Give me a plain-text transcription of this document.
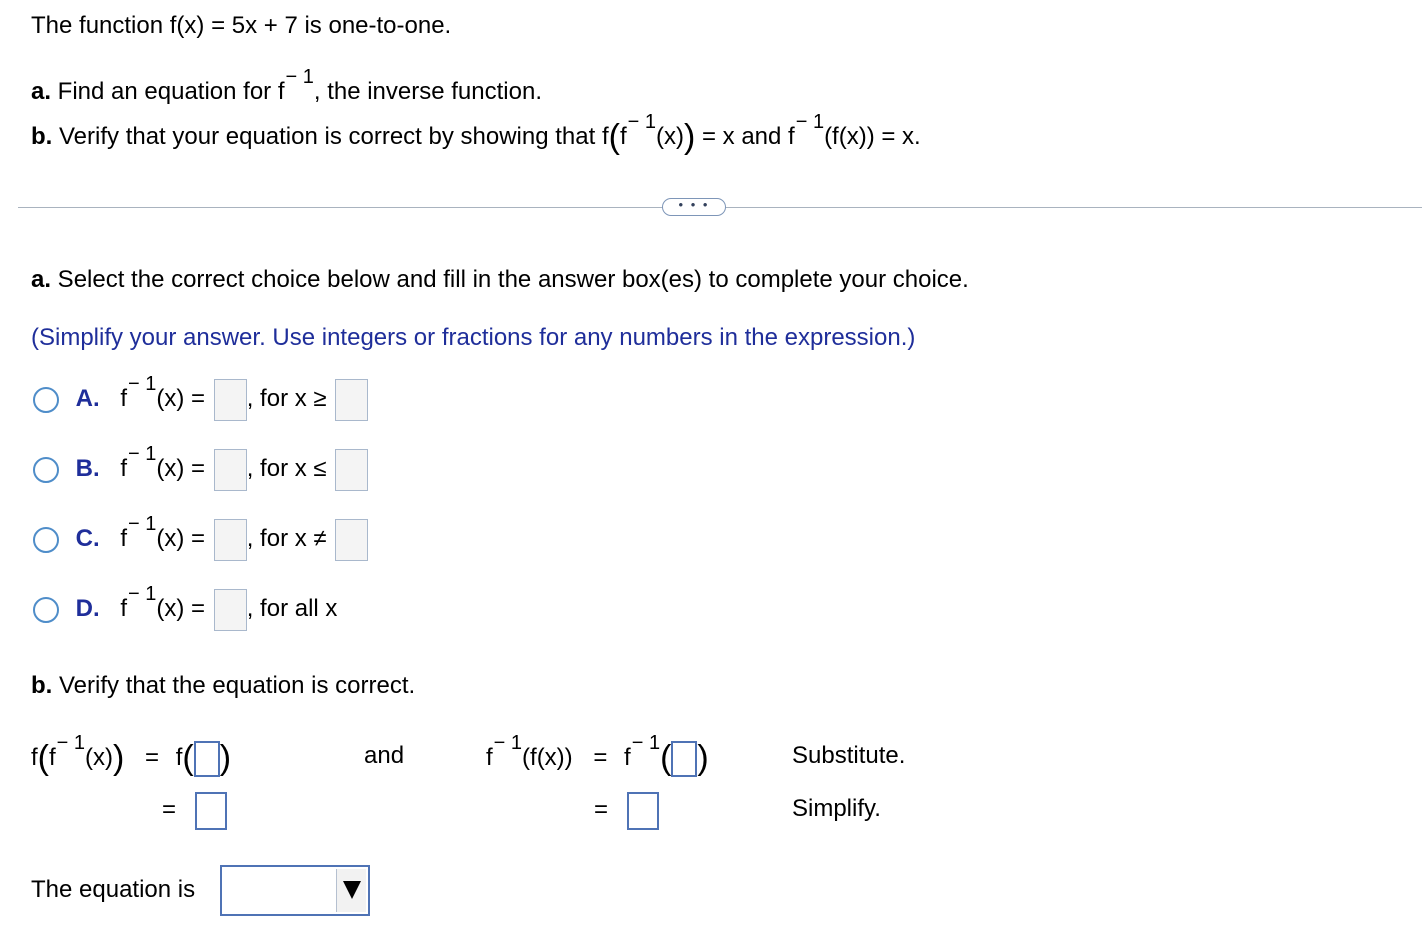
The function f(x) = 5x + 7 is one-to-one.
a. Find an equation for $f^{- 1}$, the inverse function.
b. Verify that your equation is correct by showing that $f(f^{- 1}(x)) = x$ and $f^{- 1}(f(x)) = x$.
• • •
a. Select the correct choice below and fill in the answer box(es) to complete your choice.
(Simplify your answer. Use integers or fractions for any numbers in the expression.)
A. $f^{- 1}(x)$ = , for x ≥
B. $f^{- 1}(x)$ = , for x ≤
C. $f^{- 1}(x)$ = , for x ≠
D. $f^{- 1}(x)$ = , for all x
b. Verify that the equation is correct.
$f(f^{- 1}(x)) = f$( )
=
and	$f^{- 1}(f(x)) = f^{- 1}$( )
=
Substitute.
Simplify.
The equation is
